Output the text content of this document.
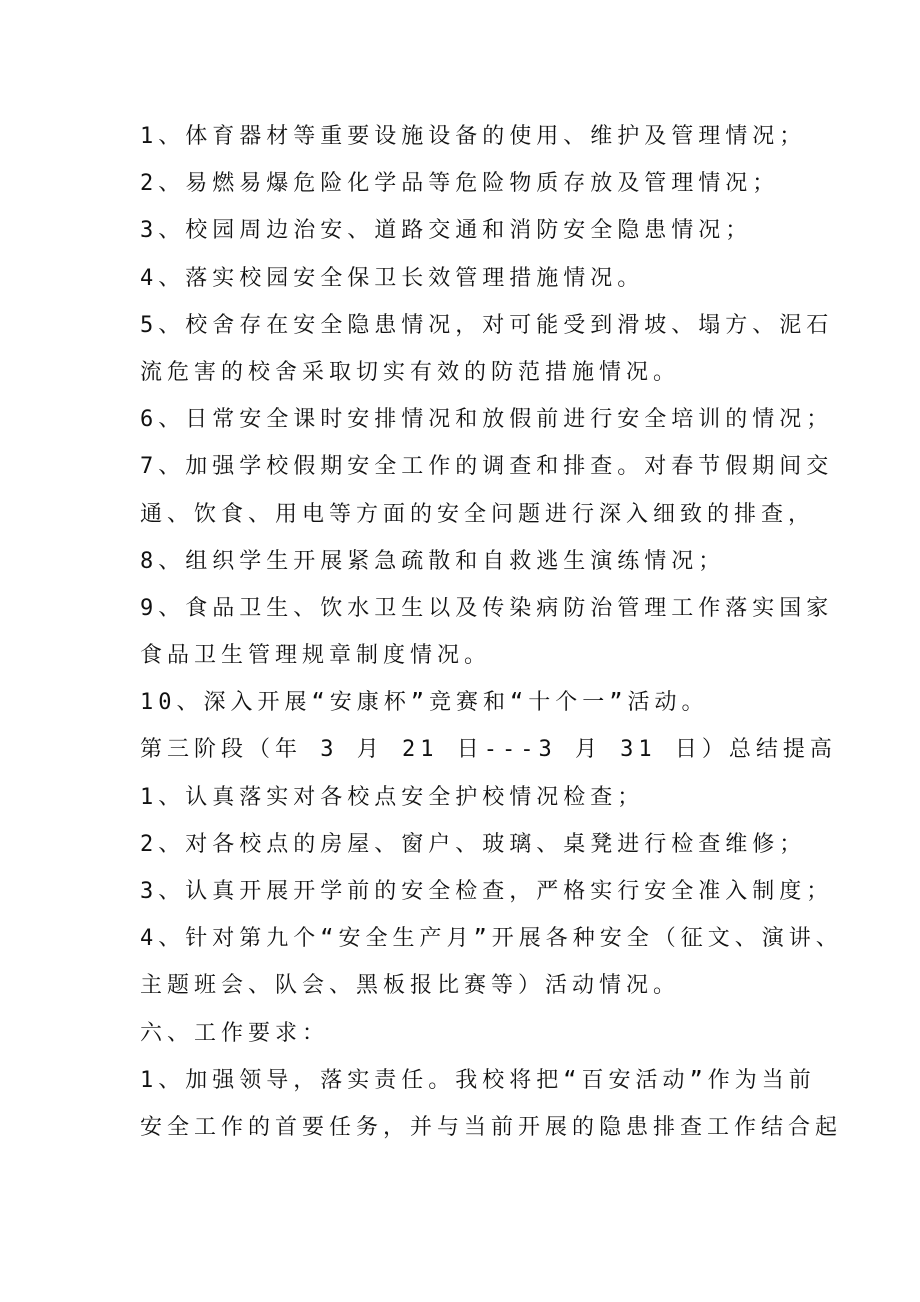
1、体育器材等重要设施设备的使用、维护及管理情况；
2、易燃易爆危险化学品等危险物质存放及管理情况；
3、校园周边治安、道路交通和消防安全隐患情况；
4、落实校园安全保卫长效管理措施情况。
5、校舍存在安全隐患情况，对可能受到滑坡、塌方、泥石
流危害的校舍采取切实有效的防范措施情况。
6、日常安全课时安排情况和放假前进行安全培训的情况；
7、加强学校假期安全工作的调查和排查。对春节假期间交
通、饮食、用电等方面的安全问题进行深入细致的排查，
8、组织学生开展紧急疏散和自救逃生演练情况；
9、食品卫生、饮水卫生以及传染病防治管理工作落实国家
食品卫生管理规章制度情况。
10、深入开展“安康杯”竞赛和“十个一”活动。
第三阶段（年 3 月 21 日---3 月 31 日）总结提高
1、认真落实对各校点安全护校情况检查；
2、对各校点的房屋、窗户、玻璃、桌凳进行检查维修；
3、认真开展开学前的安全检查，严格实行安全准入制度；
4、针对第九个“安全生产月”开展各种安全（征文、演讲、
主题班会、队会、黑板报比赛等）活动情况。
六、工作要求：
1、加强领导，落实责任。我校将把“百安活动”作为当前
安全工作的首要任务，并与当前开展的隐患排查工作结合起
